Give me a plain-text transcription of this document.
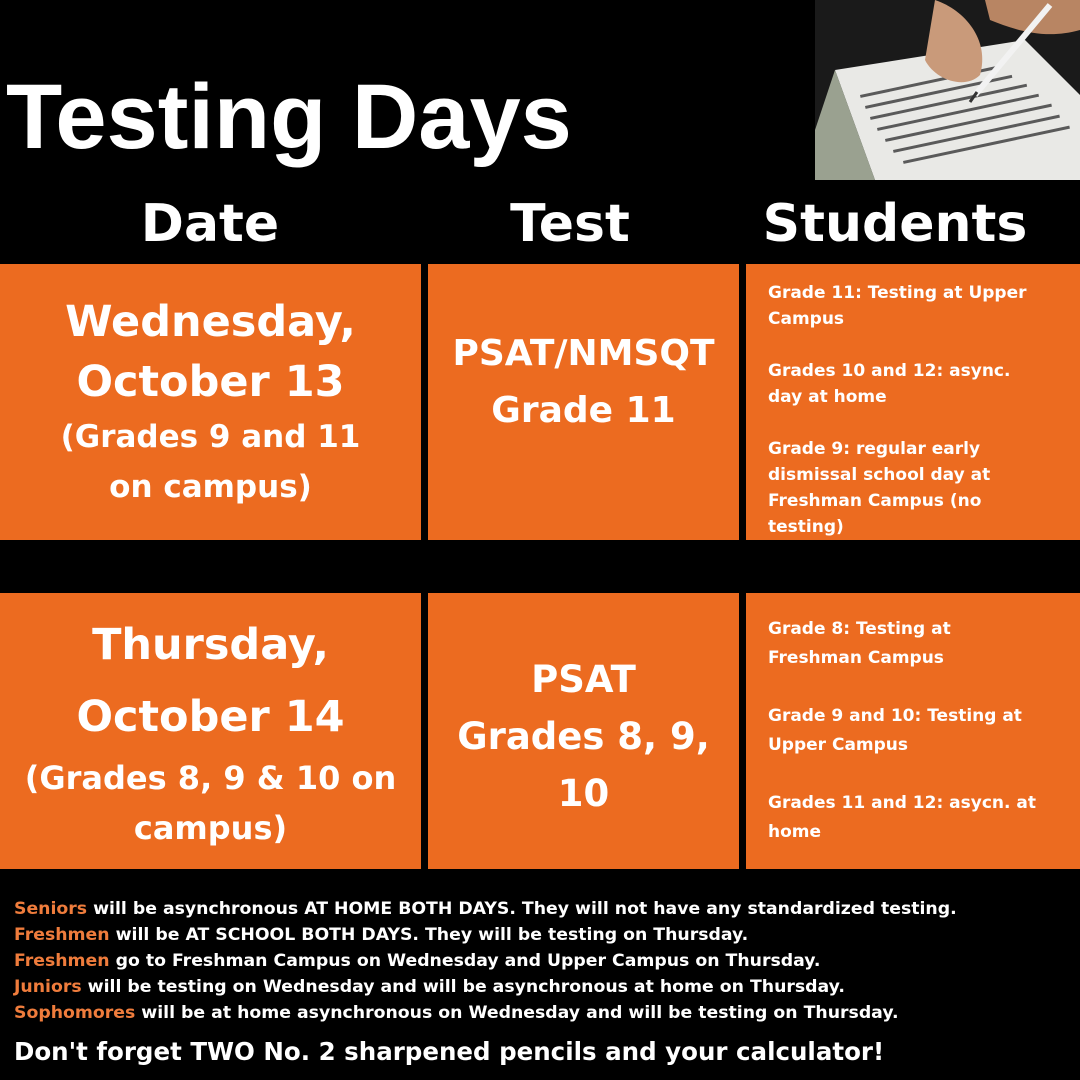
Testing Days
Date	Test	Students
Wednesday,
October 13
(Grades 9 and 11
on campus)
PSAT/NMSQT
Grade 11

Grade 11: Testing at Upper Campus

Grades 10 and 12: async. day at home

Grade 9: regular early dismissal school day at Freshman Campus (no testing)

Thursday,
October 14
(Grades 8, 9 & 10 on
campus)
PSAT
Grades 8, 9, 10

Grade 8: Testing at Freshman Campus

Grade 9 and 10: Testing at Upper Campus

Grades 11 and 12: asycn. at home

Seniors will be asynchronous AT HOME BOTH DAYS. They will not have any standardized testing.
Freshmen will be AT SCHOOL BOTH DAYS. They will be testing on Thursday.
Freshmen go to Freshman Campus on Wednesday and Upper Campus on Thursday.
Juniors will be testing on Wednesday and will be asynchronous at home on Thursday.
Sophomores will be at home asynchronous on Wednesday and will be testing on Thursday.
Don't forget TWO No. 2 sharpened pencils and your calculator!
